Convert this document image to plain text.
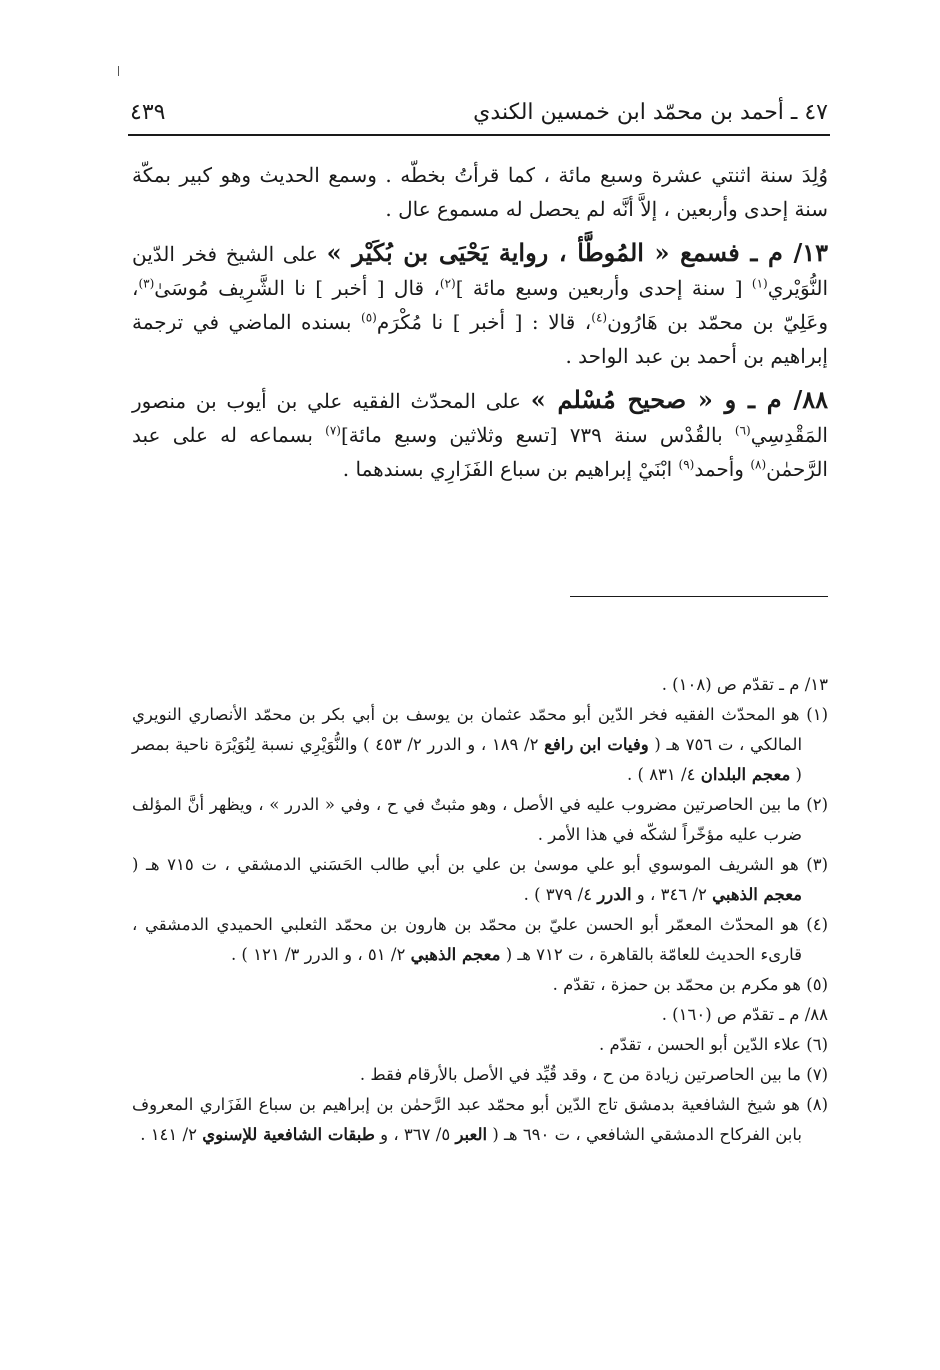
٤٧ ـ أحمد بن محمّد ابن خمسين الكندي
٤٣٩

وُلِدَ سنة اثنتي عشرة وسبع مائة ، كما قرأتُ بخطّه . وسمع الحديث وهو كبير بمكّة سنة إحدى وأربعين ، إلاَّ أنَّه لم يحصل له مسموع عال .

١٣/ م ـ فسمع « المُوطَّأ ، رواية يَحْيَى بن بُكَيْر » على الشيخ فخر الدّين النُّوَيْري$^{(١)}$ [ سنة إحدى وأربعين وسبع مائة ]$^{(٢)}$، قال [ أخبر ] نا الشَّرِيف مُوسَىٰ$^{(٣)}$، وعَلِيّ بن محمّد بن هَارُون$^{(٤)}$، قالا : [ أخبر ] نا مُكْرَم$^{(٥)}$ بسنده الماضي في ترجمة إبراهيم بن أحمد بن عبد الواحد .

٨٨/ م ـ و « صحيح مُسْلم » على المحدّث الفقيه علي بن أيوب بن منصور المَقْدِسِي$^{(٦)}$ بالقُدْس سنة ٧٣٩ [تسع وثلاثين وسبع مائة]$^{(٧)}$ بسماعه له على عبد الرَّحمٰن$^{(٨)}$ وأحمد$^{(٩)}$ ابْنَيْ إبراهيم بن سباع الفَزَارِي بسندهما .

١٣/ م ـ تقدّم ص (١٠٨) .

(١) هو المحدّث الفقيه فخر الدّين أبو محمّد عثمان بن يوسف بن أبي بكر بن محمّد الأنصاري النويري المالكي ، ت ٧٥٦ هـ ( وفيات ابن رافع ٢/ ١٨٩ ، و الدرر ٢/ ٤٥٣ ) والنُّوَيْرِي نسبة لِنُوَيْرَة ناحية بمصر ( معجم البلدان ٤/ ٨٣١ ) .

(٢) ما بين الحاصرتين مضروب عليه في الأصل ، وهو مثبتٌ في ح ، وفي « الدرر » ، ويظهر أنَّ المؤلف ضرب عليه مؤخّراً لشكّه في هذا الأمر .

(٣) هو الشريف الموسوي أبو علي موسىٰ بن علي بن أبي طالب الحَسَني الدمشقي ، ت ٧١٥ هـ ( معجم الذهبي ٢/ ٣٤٦ ، و الدرر ٤/ ٣٧٩ ) .

(٤) هو المحدّث المعمّر أبو الحسن عليّ بن محمّد بن هارون بن محمّد الثعلبي الحميدي الدمشقي ، قارىء الحديث للعامّة بالقاهرة ، ت ٧١٢ هـ ( معجم الذهبي ٢/ ٥١ ، و الدرر ٣/ ١٢١ ) .

(٥) هو مكرم بن محمّد بن حمزة ، تقدّم .

٨٨/ م ـ تقدّم ص (١٦٠) .

(٦) علاء الدّين أبو الحسن ، تقدّم .

(٧) ما بين الحاصرتين زيادة من ح ، وقد قُيِّد في الأصل بالأرقام فقط .

(٨) هو شيخ الشافعية بدمشق تاج الدّين أبو محمّد عبد الرَّحمٰن بن إبراهيم بن سباع الفَزَاري المعروف بابن الفركاح الدمشقي الشافعي ، ت ٦٩٠ هـ ( العبر ٥/ ٣٦٧ ، و طبقات الشافعية للإسنوي ٢/ ١٤١ .
